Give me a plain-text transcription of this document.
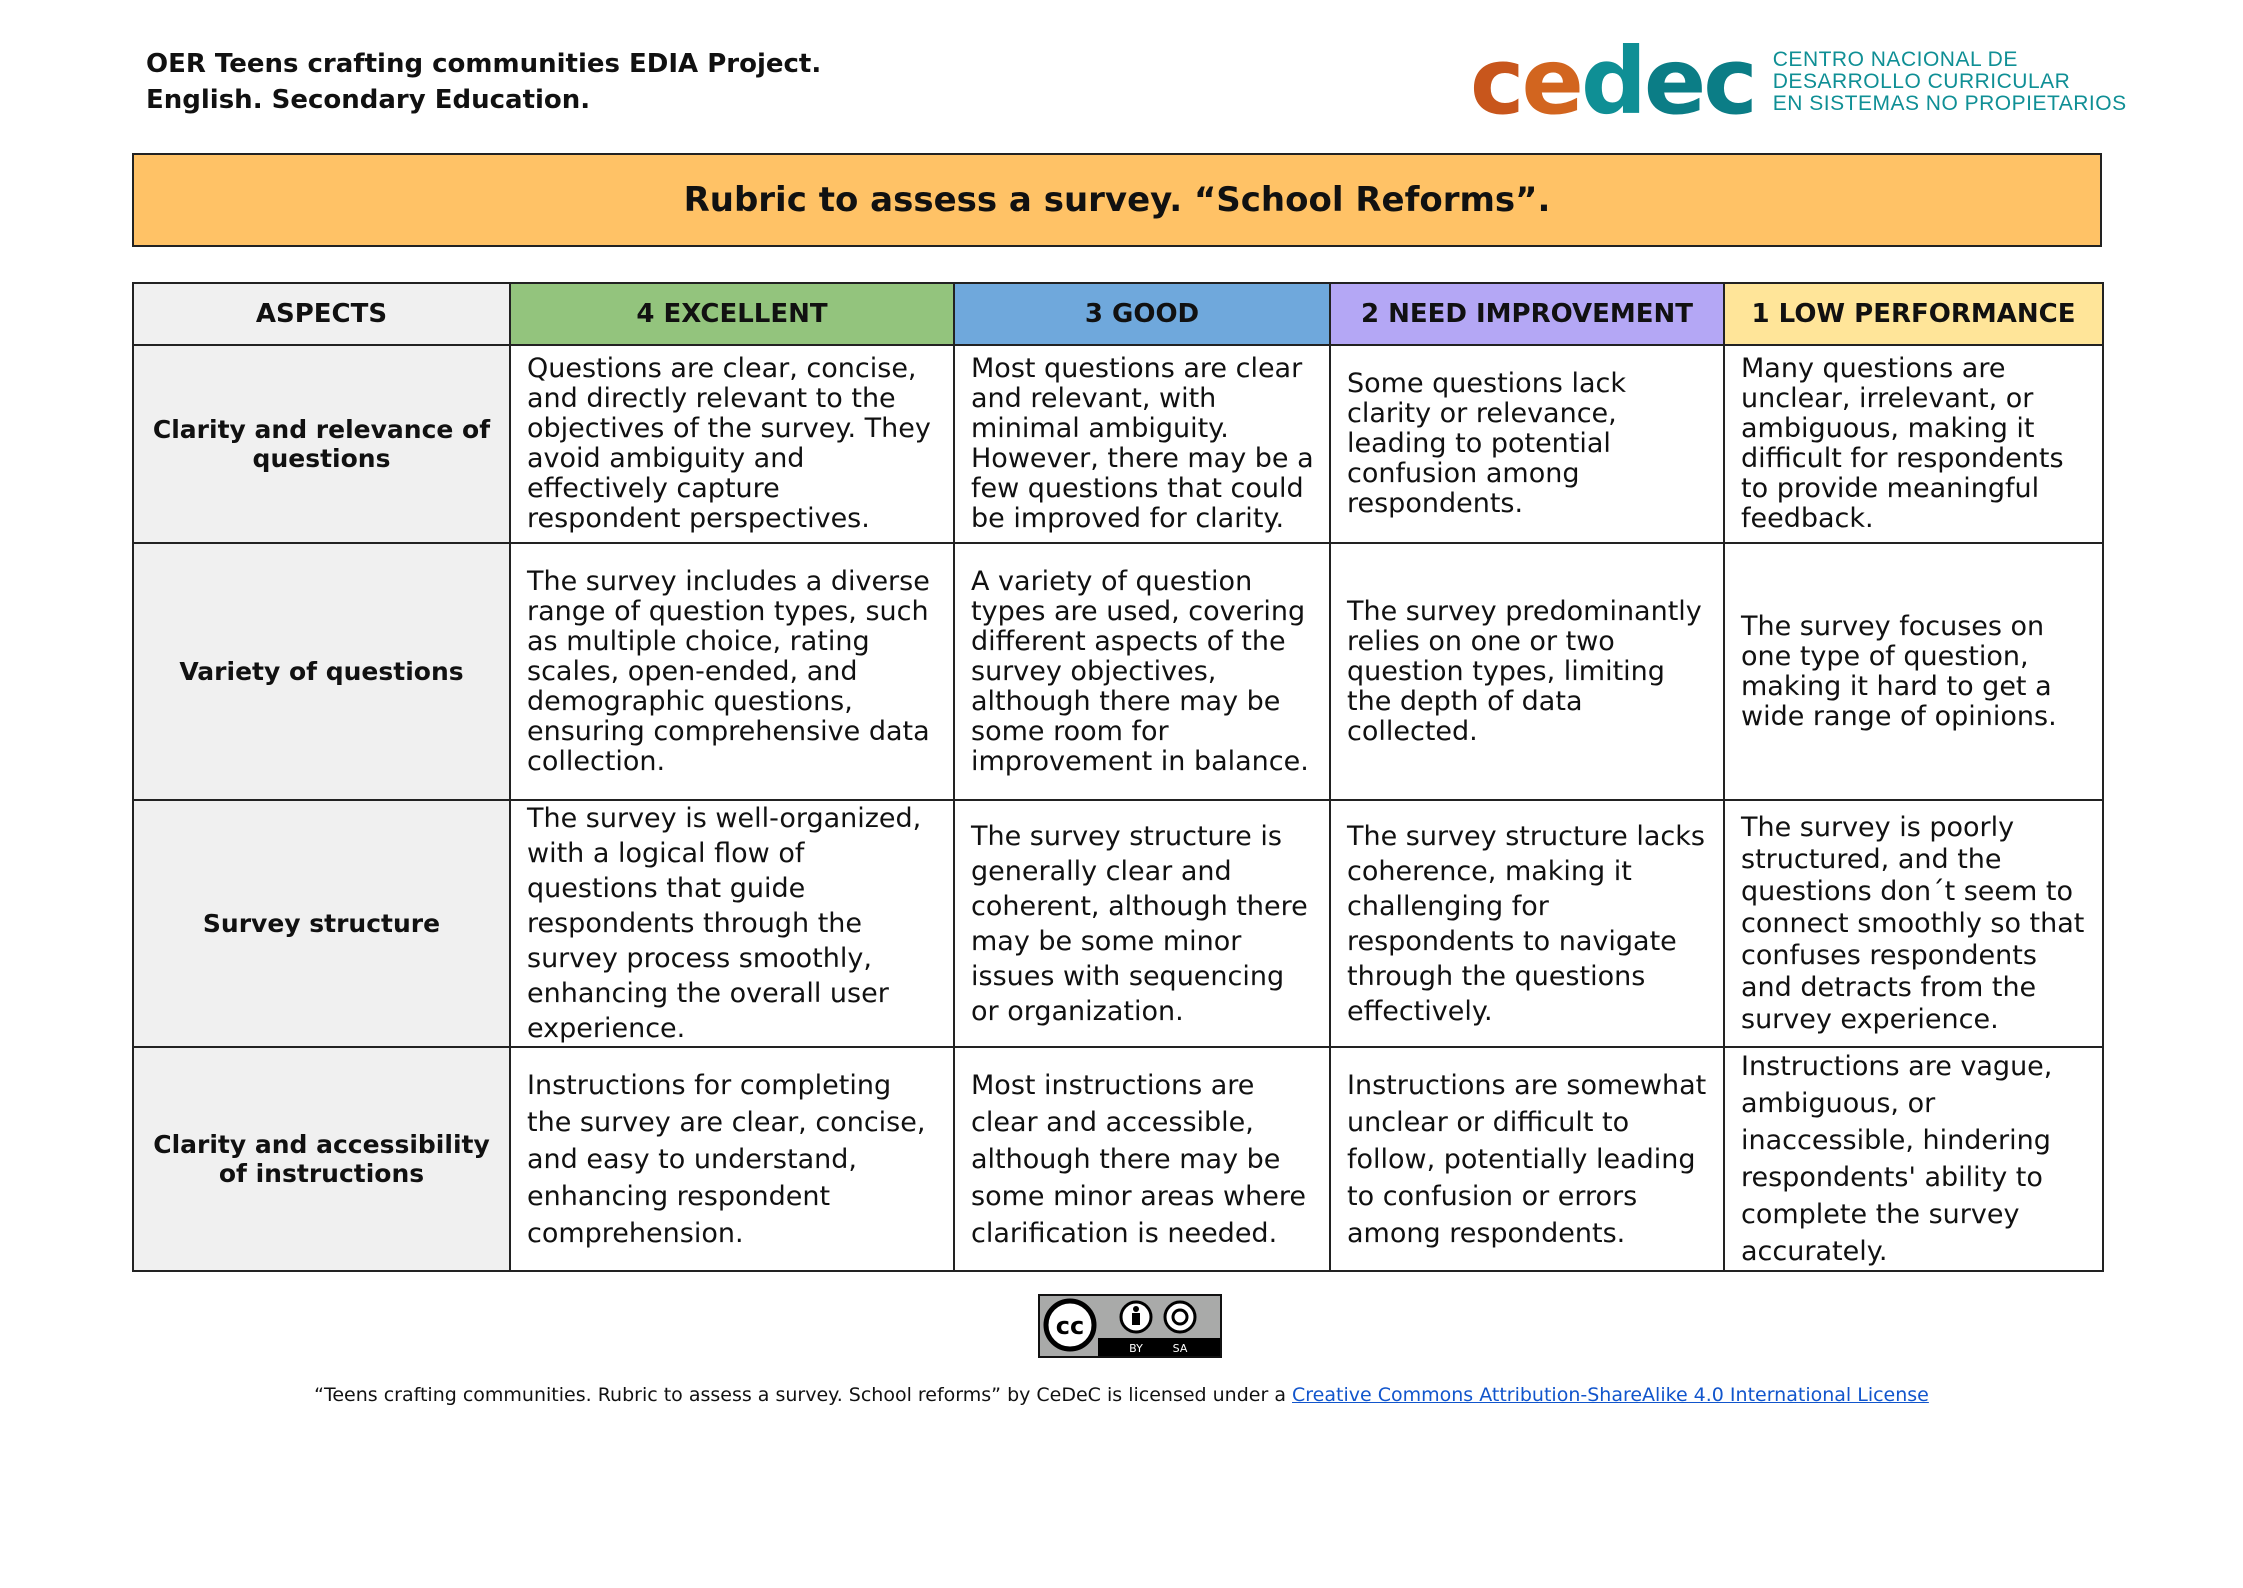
OER Teens crafting communities EDIA Project.
English. Secondary Education.	cedec CENTRO NACIONAL DE
DESARROLLO CURRICULAR
EN SISTEMAS NO PROPIETARIOS
Rubric to assess a survey. “School Reforms”.
ASPECTS	4 EXCELLENT	3 GOOD	2 NEED IMPROVEMENT	1 LOW PERFORMANCE
Clarity and relevance of questions	Questions are clear, concise, and directly relevant to the objectives of the survey. They avoid ambiguity and effectively capture respondent perspectives.	Most questions are clear and relevant, with minimal ambiguity. However, there may be a few questions that could be improved for clarity.	Some questions lack clarity or relevance, leading to potential confusion among respondents.	Many questions are unclear, irrelevant, or ambiguous, making it difficult for respondents to provide meaningful feedback.
Variety of questions	The survey includes a diverse range of question types, such as multiple choice, rating scales, open-ended, and demographic questions, ensuring comprehensive data collection.	A variety of question types are used, covering different aspects of the survey objectives, although there may be some room for improvement in balance.	The survey predominantly relies on one or two question types, limiting the depth of data collected.	The survey focuses on one type of question, making it hard to get a wide range of opinions.
Survey structure	The survey is well-organized, with a logical flow of questions that guide respondents through the survey process smoothly, enhancing the overall user experience.	The survey structure is generally clear and coherent, although there may be some minor issues with sequencing or organization.	The survey structure lacks coherence, making it challenging for respondents to navigate through the questions effectively.	The survey is poorly structured, and the questions don´t seem to connect smoothly so that confuses respondents and detracts from the survey experience.
Clarity and accessibility of instructions	Instructions for completing the survey are clear, concise, and easy to understand, enhancing respondent comprehension.	Most instructions are clear and accessible, although there may be some minor areas where clarification is needed.	Instructions are somewhat unclear or difficult to follow, potentially leading to confusion or errors among respondents.	Instructions are vague, ambiguous, or inaccessible, hindering respondents' ability to complete the survey accurately.
cc
BY	SA
“Teens crafting communities. Rubric to assess a survey. School reforms” by CeDeC is licensed under a Creative Commons Attribution-ShareAlike 4.0 International License
